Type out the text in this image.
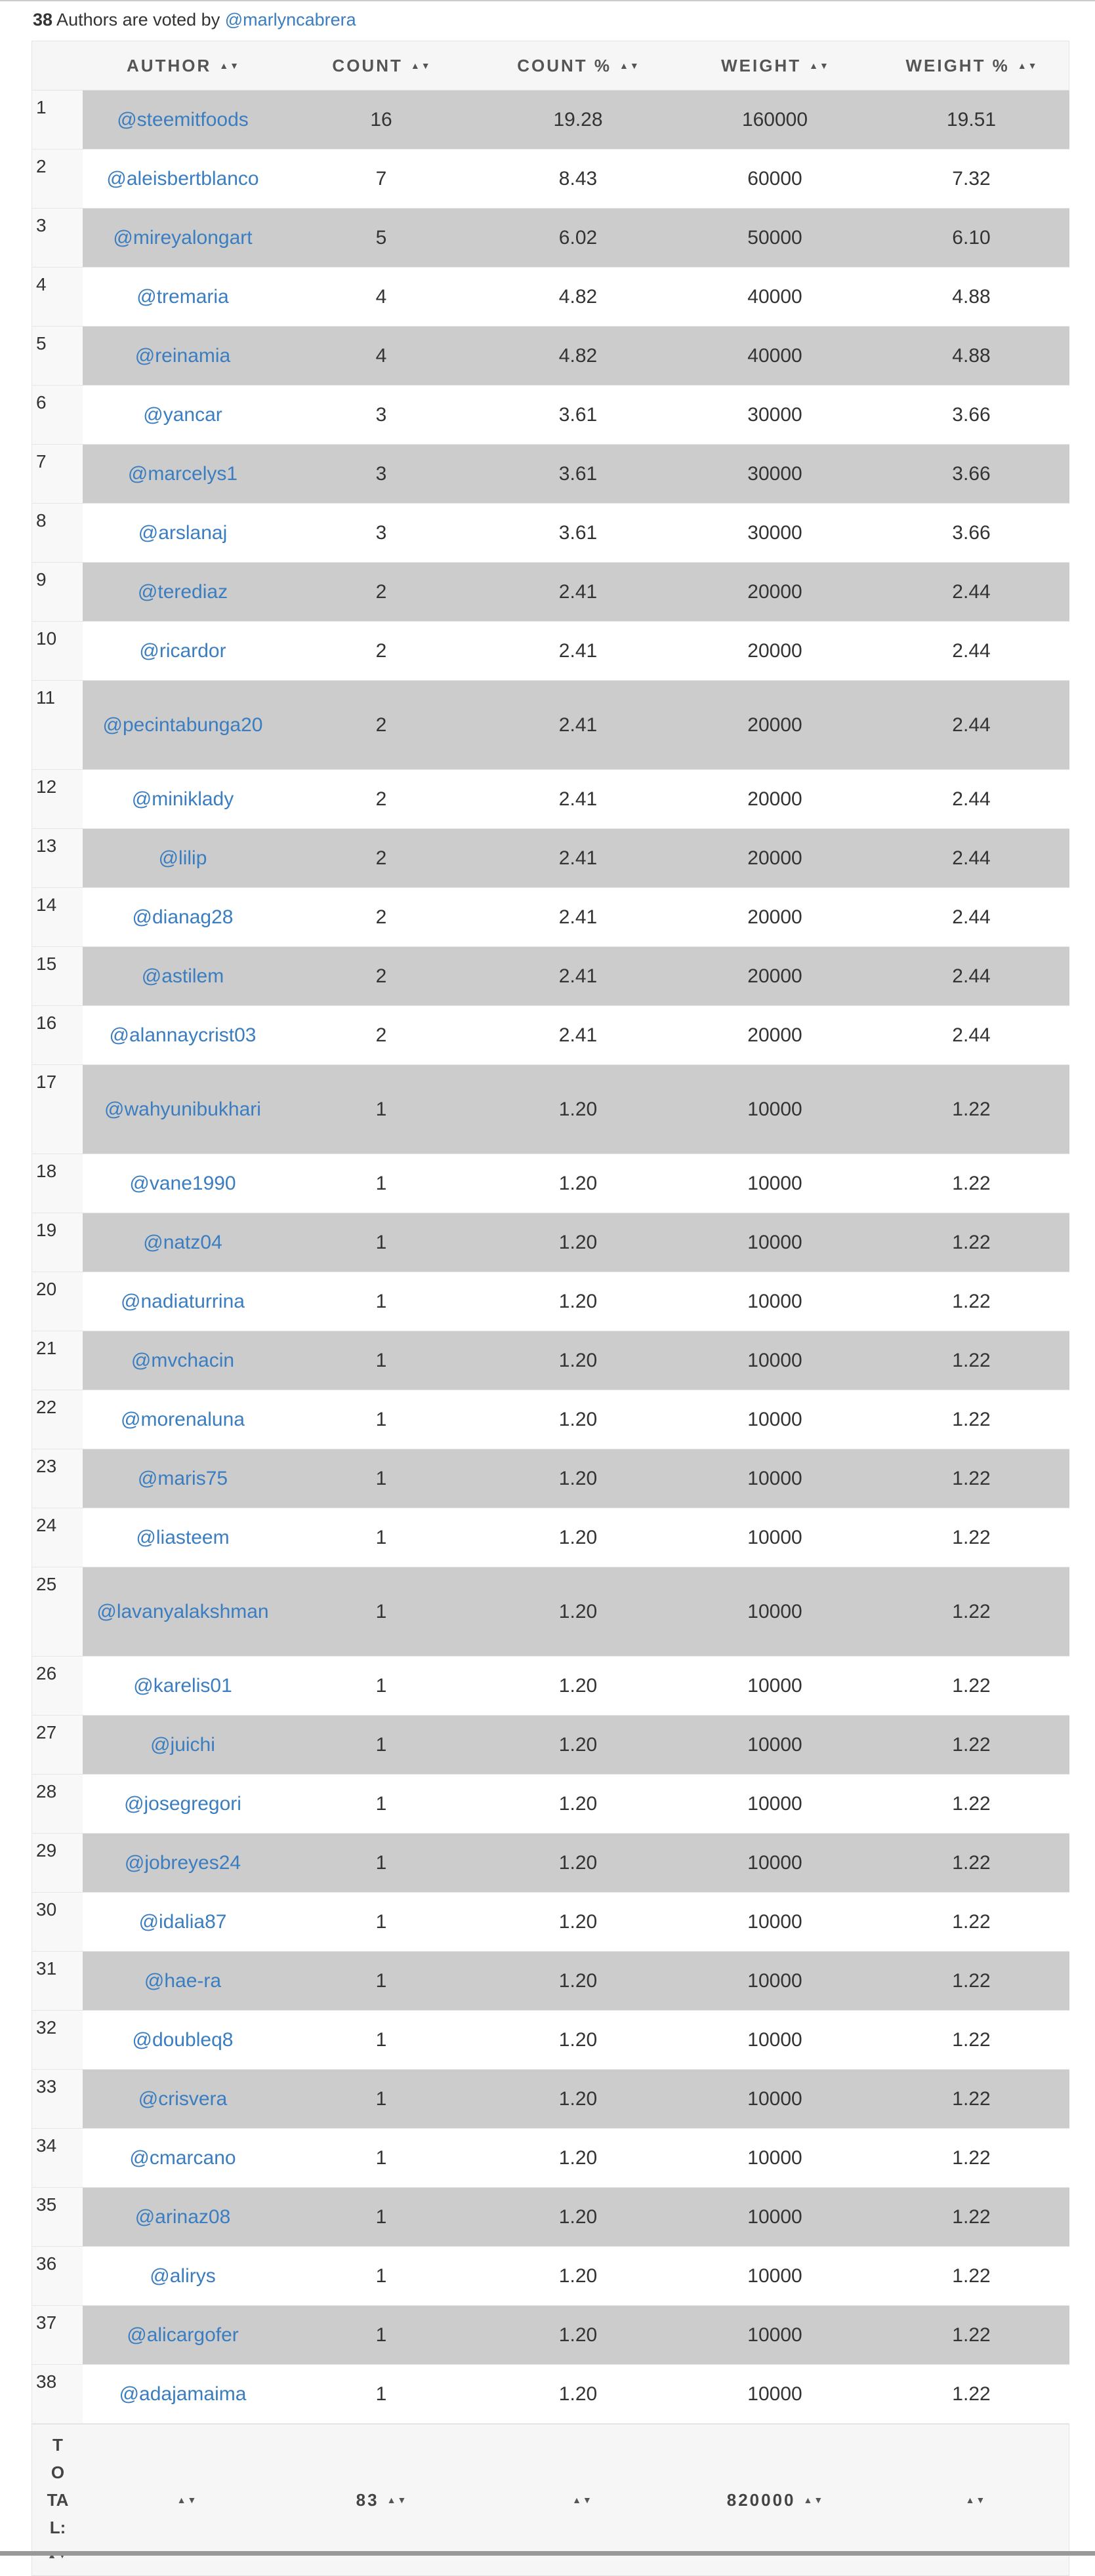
38 Authors are voted by @marlyncabrera
AUTHOR ▲▼	COUNT ▲▼	COUNT % ▲▼	WEIGHT ▲▼	WEIGHT % ▲▼
1
@steemitfoods	16	19.28	160000	19.51
2
@aleisbertblanco	7	8.43	60000	7.32
3
@mireyalongart	5	6.02	50000	6.10
4
@tremaria	4	4.82	40000	4.88
5
@reinamia	4	4.82	40000	4.88
6
@yancar	3	3.61	30000	3.66
7
@marcelys1	3	3.61	30000	3.66
8
@arslanaj	3	3.61	30000	3.66
9
@terediaz	2	2.41	20000	2.44
10
@ricardor	2	2.41	20000	2.44
11
@pecintabunga20	2	2.41	20000	2.44
12
@miniklady	2	2.41	20000	2.44
13
@lilip	2	2.41	20000	2.44
14
@dianag28	2	2.41	20000	2.44
15
@astilem	2	2.41	20000	2.44
16
@alannaycrist03	2	2.41	20000	2.44
17
@wahyunibukhari	1	1.20	10000	1.22
18
@vane1990	1	1.20	10000	1.22
19
@natz04	1	1.20	10000	1.22
20
@nadiaturrina	1	1.20	10000	1.22
21
@mvchacin	1	1.20	10000	1.22
22
@morenaluna	1	1.20	10000	1.22
23
@maris75	1	1.20	10000	1.22
24
@liasteem	1	1.20	10000	1.22
25
@lavanyalakshman	1	1.20	10000	1.22
26
@karelis01	1	1.20	10000	1.22
27
@juichi	1	1.20	10000	1.22
28
@josegregori	1	1.20	10000	1.22
29
@jobreyes24	1	1.20	10000	1.22
30
@idalia87	1	1.20	10000	1.22
31
@hae-ra	1	1.20	10000	1.22
32
@doubleq8	1	1.20	10000	1.22
33
@crisvera	1	1.20	10000	1.22
34
@cmarcano	1	1.20	10000	1.22
35
@arinaz08	1	1.20	10000	1.22
36
@alirys	1	1.20	10000	1.22
37
@alicargofer	1	1.20	10000	1.22
38
@adajamaima	1	1.20	10000	1.22
T
O
TA
L:
▲▼	83 ▲▼	▲▼	820000 ▲▼	▲▼
